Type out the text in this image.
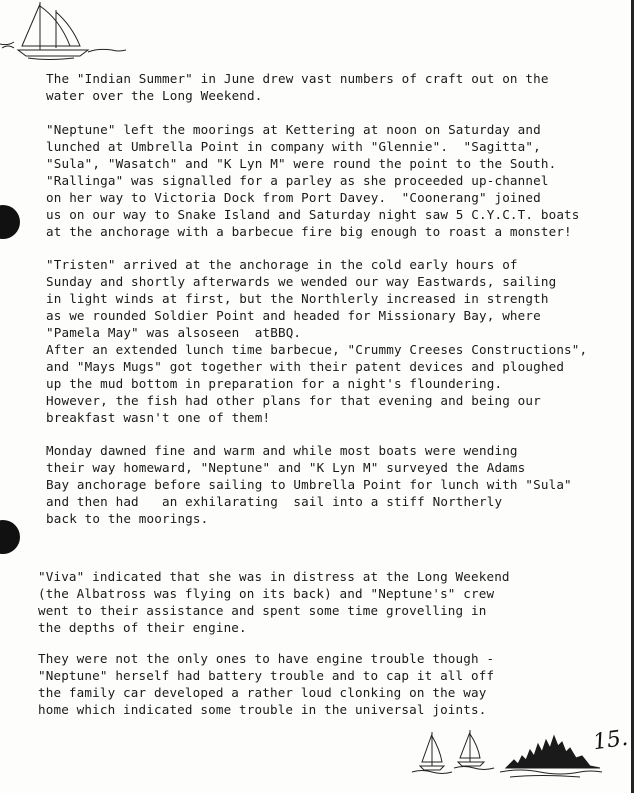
The "Indian Summer" in June drew vast numbers of craft out on the
water over the Long Weekend.
"Neptune" left the moorings at Kettering at noon on Saturday and
lunched at Umbrella Point in company with "Glennie".  "Sagitta",
"Sula", "Wasatch" and "K Lyn M" were round the point to the South.
"Rallinga" was signalled for a parley as she proceeded up-channel
on her way to Victoria Dock from Port Davey.  "Coonerang" joined
us on our way to Snake Island and Saturday night saw 5 C.Y.C.T. boats
at the anchorage with a barbecue fire big enough to roast a monster!
"Tristen" arrived at the anchorage in the cold early hours of
Sunday and shortly afterwards we wended our way Eastwards, sailing
in light winds at first, but the Northlerly increased in strength
as we rounded Soldier Point and headed for Missionary Bay, where
"Pamela May" was alsoseen  atBBQ.
After an extended lunch time barbecue, "Crummy Creeses Constructions",
and "Mays Mugs" got together with their patent devices and ploughed
up the mud bottom in preparation for a night's floundering.
However, the fish had other plans for that evening and being our
breakfast wasn't one of them!
Monday dawned fine and warm and while most boats were wending
their way homeward, "Neptune" and "K Lyn M" surveyed the Adams
Bay anchorage before sailing to Umbrella Point for lunch with "Sula"
and then had   an exhilarating  sail into a stiff Northerly
back to the moorings.
"Viva" indicated that she was in distress at the Long Weekend
(the Albatross was flying on its back) and "Neptune's" crew
went to their assistance and spent some time grovelling in
the depths of their engine.
They were not the only ones to have engine trouble though -
"Neptune" herself had battery trouble and to cap it all off
the family car developed a rather loud clonking on the way
home which indicated some trouble in the universal joints.
15.
